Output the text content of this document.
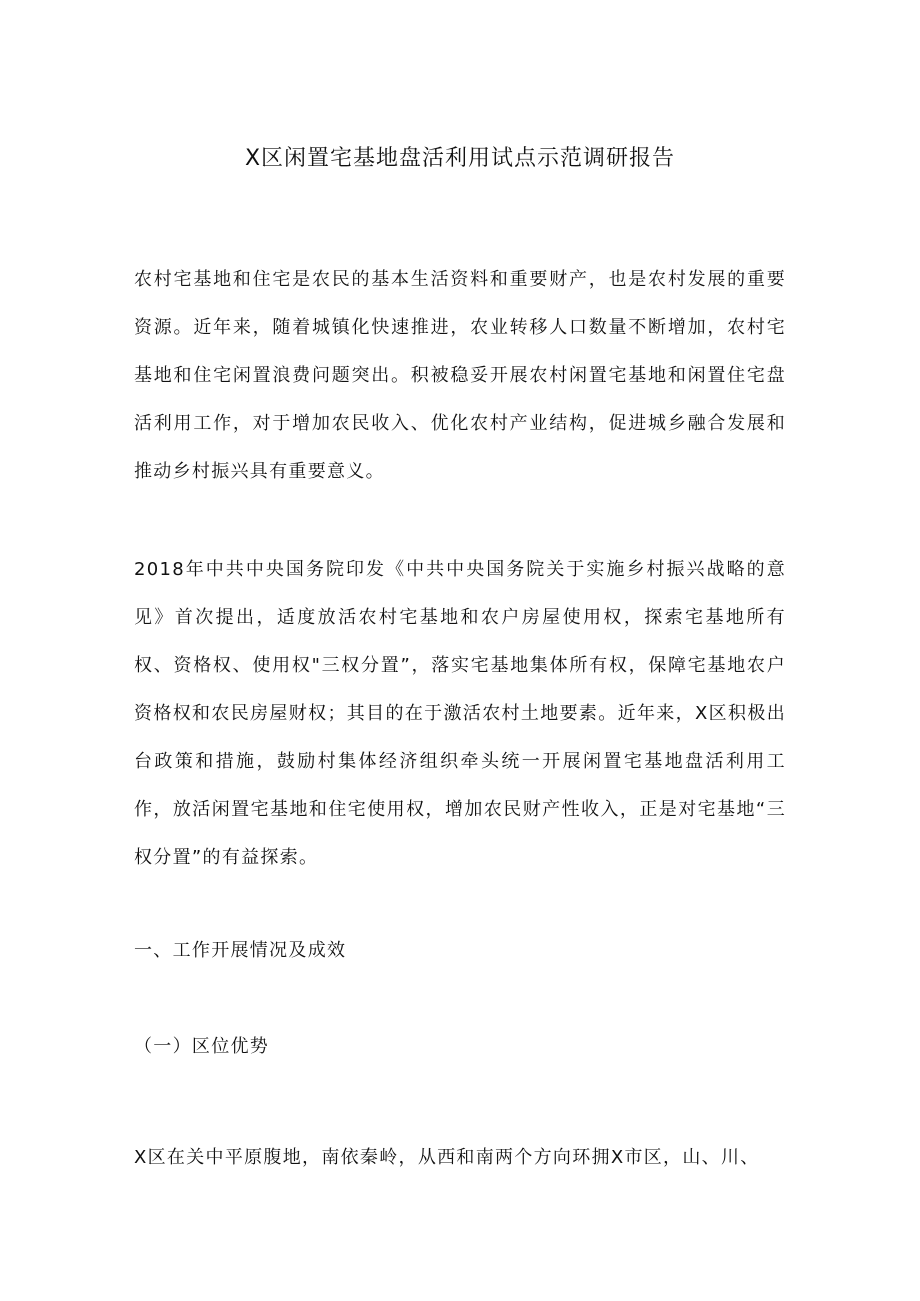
X区闲置宅基地盘活利用试点示范调研报告

农村宅基地和住宅是农民的基本生活资料和重要财产，也是农村发展的重要资源。近年来，随着城镇化快速推进，农业转移人口数量不断增加，农村宅基地和住宅闲置浪费问题突出。积被稳妥开展农村闲置宅基地和闲置住宅盘活利用工作，对于增加农民收入、优化农村产业结构，促进城乡融合发展和推动乡村振兴具有重要意义。

2018年中共中央国务院印发《中共中央国务院关于实施乡村振兴战略的意见》首次提出，适度放活农村宅基地和农户房屋使用权，探索宅基地所有权、资格权、使用权"三权分置”，落实宅基地集体所有权，保障宅基地农户资格权和农民房屋财权；其目的在于激活农村土地要素。近年来，X区积极出台政策和措施，鼓励村集体经济组织牵头统一开展闲置宅基地盘活利用工作，放活闲置宅基地和住宅使用权，增加农民财产性收入，正是对宅基地“三权分置”的有益探索。

一、工作开展情况及成效
（一）区位优势

X区在关中平原腹地，南依秦岭，从西和南两个方向环拥X市区，山、川、
